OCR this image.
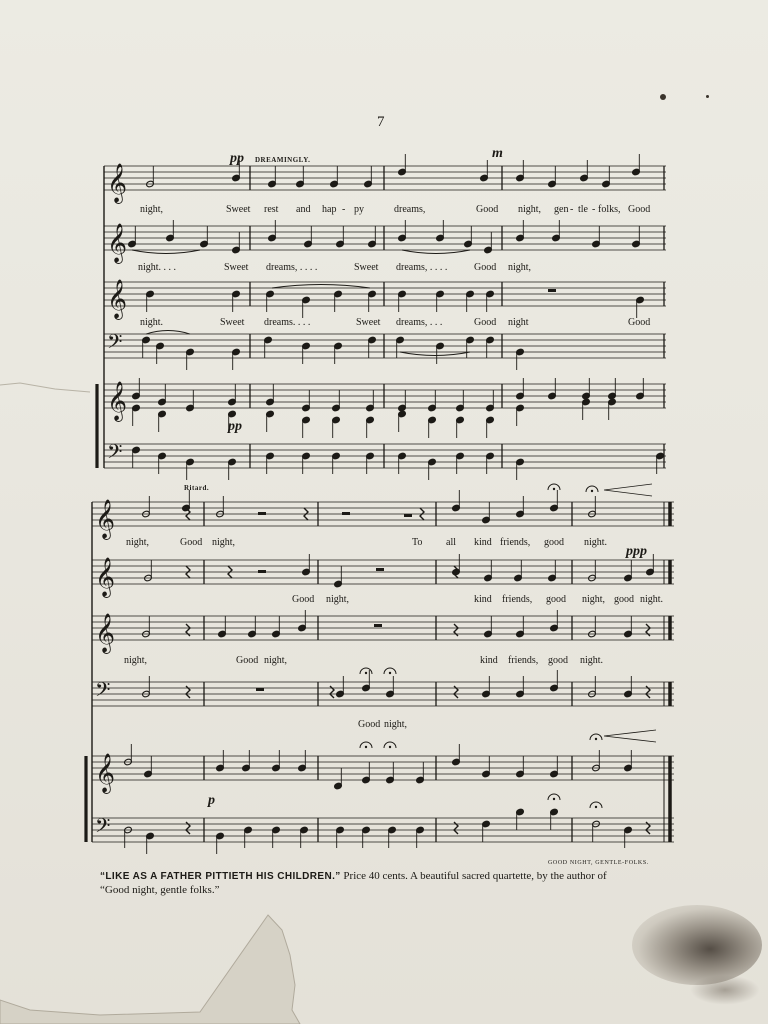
7
𝄞
𝄞
𝄞
𝄢
𝄞
𝄢
𝄞
𝄞
𝄞
𝄢
𝄞
𝄢
pp DREAMINGLY.	m
pp
Ritard.
ppp
p
night,	Sweet rest and hap - py	dreams,	Good night, gen - tle - folks, Good
night. . . .	Sweet dreams, . . . .	Sweet dreams, . . . .	Good night,
night.	Sweet dreams. . . .	Sweet dreams, . . .	Good night	Good
night,	Good night,	To all kind friends, good night.
Good night,	kind friends, good night, good night.
night,	Good night,	kind friends, good night.
Good night,
GOOD NIGHT, GENTLE-FOLKS.
“LIKE AS A FATHER PITTIETH HIS CHILDREN.” Price 40 cents. A beautiful sacred quartette, by the author of
“Good night, gentle folks.”
